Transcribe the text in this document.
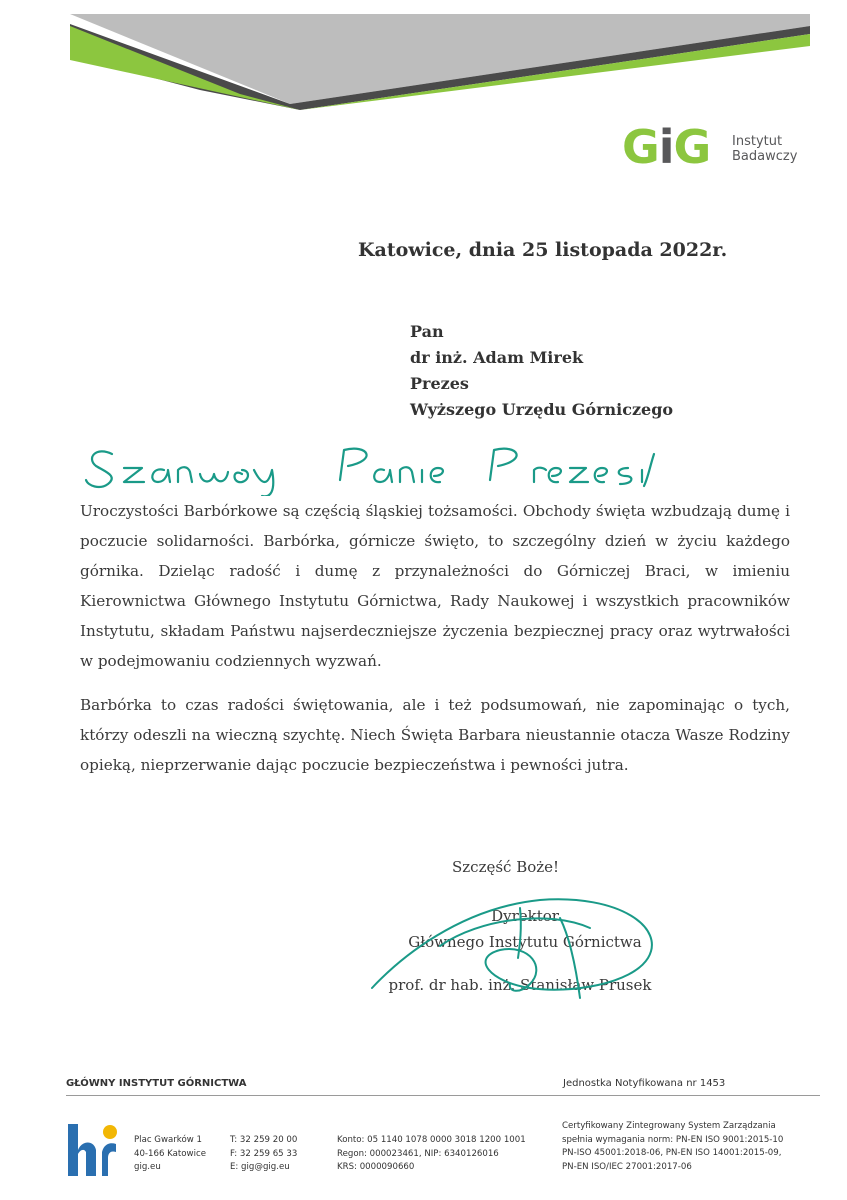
GiG Instytut
Badawczy
Katowice, dnia 25 listopada 2022r.
Pan
dr inż. Adam Mirek
Prezes
Wyższego Urzędu Górniczego

Uroczystości Barbórkowe są częścią śląskiej tożsamości. Obchody święta wzbudzają dumę i poczucie solidarności. Barbórka, górnicze święto, to szczególny dzień w życiu każdego górnika. Dzieląc radość i dumę z przynależności do Górniczej Braci, w imieniu Kierownictwa Głównego Instytutu Górnictwa, Rady Naukowej i wszystkich pracowników Instytutu, składam Państwu najserdeczniejsze życzenia bezpiecznej pracy oraz wytrwałości w podejmowaniu codziennych wyzwań.

Barbórka to czas radości świętowania, ale i też podsumowań, nie zapominając o tych, którzy odeszli na wieczną szychtę. Niech Święta Barbara nieustannie otacza Wasze Rodziny opieką, nieprzerwanie dając poczucie bezpieczeństwa i pewności jutra.

Szczęść Boże!
Dyrektor
Głównego Instytutu Górnictwa
prof. dr hab. inż. Stanisław Prusek
GŁÓWNY INSTYTUT GÓRNICTWA	Jednostka Notyfikowana nr 1453
Plac Gwarków 1
40-166 Katowice
gig.eu
T: 32 259 20 00
F: 32 259 65 33
E: gig@gig.eu
Konto: 05 1140 1078 0000 3018 1200 1001
Regon: 000023461, NIP: 6340126016
KRS: 0000090660
Certyfikowany Zintegrowany System Zarządzania
spełnia wymagania norm: PN-EN ISO 9001:2015-10
PN-ISO 45001:2018-06, PN-EN ISO 14001:2015-09,
PN-EN ISO/IEC 27001:2017-06
